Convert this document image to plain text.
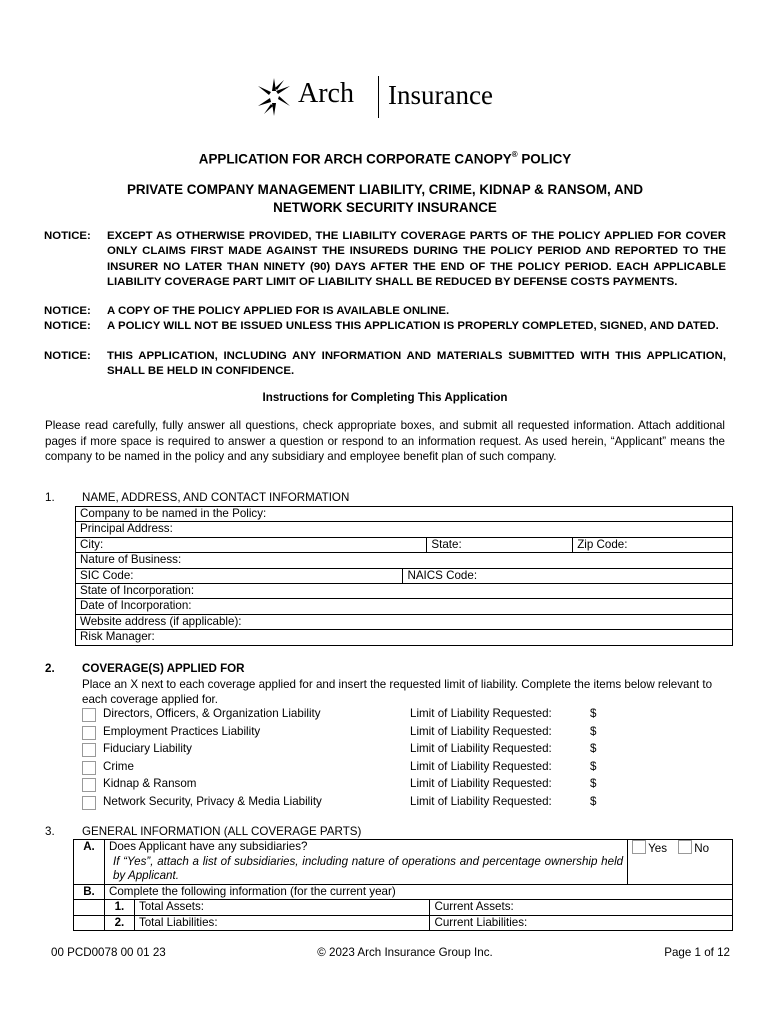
Arch Insurance
APPLICATION FOR ARCH CORPORATE CANOPY® POLICY
PRIVATE COMPANY MANAGEMENT LIABILITY, CRIME, KIDNAP & RANSOM, AND
NETWORK SECURITY INSURANCE
NOTICE: EXCEPT AS OTHERWISE PROVIDED, THE LIABILITY COVERAGE PARTS OF THE POLICY APPLIED FOR COVER ONLY CLAIMS FIRST MADE AGAINST THE INSUREDS DURING THE POLICY PERIOD AND REPORTED TO THE INSURER NO LATER THAN NINETY (90) DAYS AFTER THE END OF THE POLICY PERIOD. EACH APPLICABLE LIABILITY COVERAGE PART LIMIT OF LIABILITY SHALL BE REDUCED BY DEFENSE COSTS PAYMENTS.
NOTICE: A COPY OF THE POLICY APPLIED FOR IS AVAILABLE ONLINE.
NOTICE: A POLICY WILL NOT BE ISSUED UNLESS THIS APPLICATION IS PROPERLY COMPLETED, SIGNED, AND DATED.
NOTICE: THIS APPLICATION, INCLUDING ANY INFORMATION AND MATERIALS SUBMITTED WITH THIS APPLICATION, SHALL BE HELD IN CONFIDENCE.
Instructions for Completing This Application
Please read carefully, fully answer all questions, check appropriate boxes, and submit all requested information. Attach additional pages if more space is required to answer a question or respond to an information request. As used herein, “Applicant” means the company to be named in the policy and any subsidiary and employee benefit plan of such company.
1. NAME, ADDRESS, AND CONTACT INFORMATION
Company to be named in the Policy:			
Principal Address:			
City:		State:	Zip Code:
Nature of Business:			
SIC Code:	NAICS Code:		
State of Incorporation:			
Date of Incorporation:			
Website address (if applicable):			
Risk Manager:			
2. COVERAGE(S) APPLIED FOR
Place an X next to each coverage applied for and insert the requested limit of liability. Complete the items below relevant to each coverage applied for.
Directors, Officers, & Organization Liability	Limit of Liability Requested:	$
Employment Practices Liability	Limit of Liability Requested:	$
Fiduciary Liability	Limit of Liability Requested:	$
Crime	Limit of Liability Requested:	$
Kidnap & Ransom	Limit of Liability Requested:	$
Network Security, Privacy & Media Liability	Limit of Liability Requested:	$
3. GENERAL INFORMATION (ALL COVERAGE PARTS)
A.	Does Applicant have any subsidiaries?
If “Yes”, attach a list of subsidiaries, including nature of operations and percentage ownership held by Applicant.			Yes No
B.	Complete the following information (for the current year)			
	1.	Total Assets:	Current Assets:	
	2.	Total Liabilities:	Current Liabilities:	
00 PCD0078 00 01 23	© 2023 Arch Insurance Group Inc.	Page 1 of 12
